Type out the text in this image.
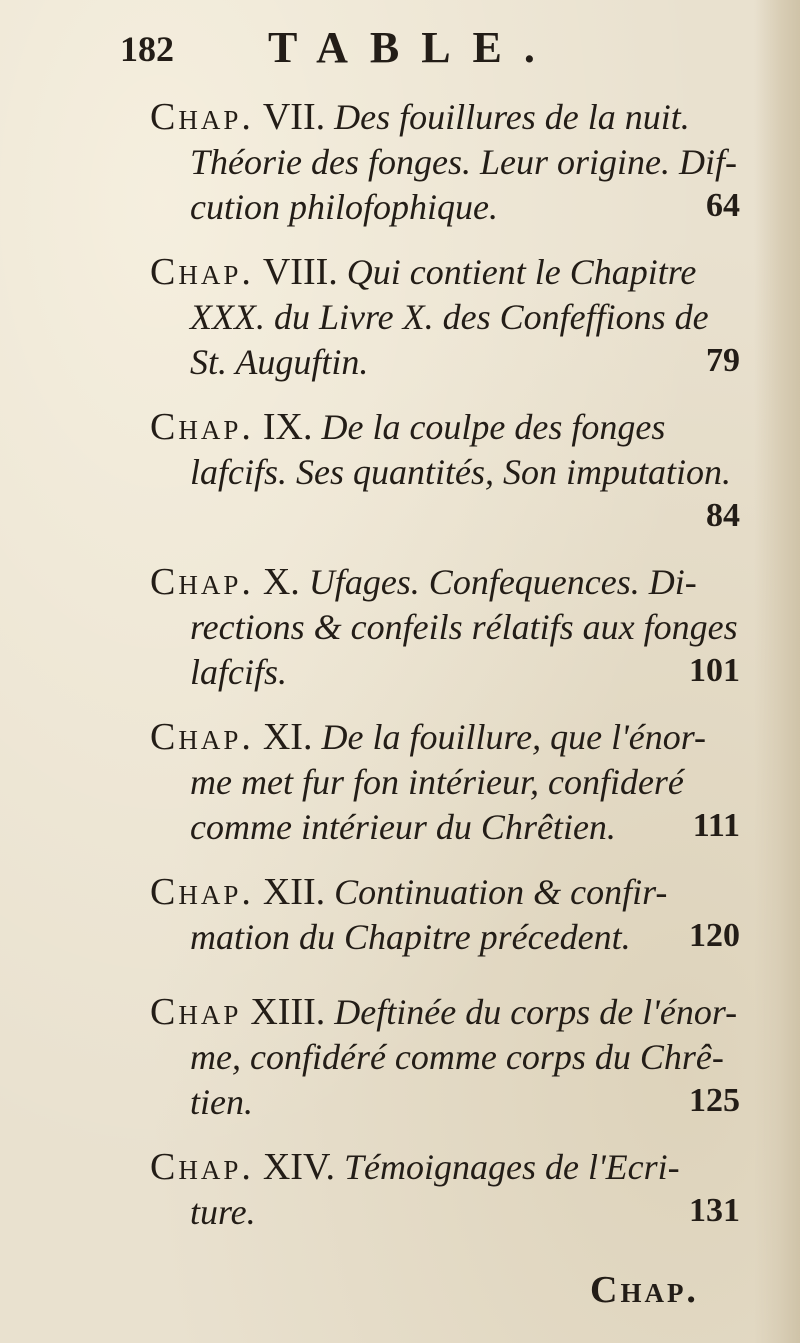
182 TABLE.
Chap. VII. Des fouillures de la nuit.
Théorie des fonges. Leur origine. Dif-
cution philofophique.	64
Chap. VIII. Qui contient le Chapitre
XXX. du Livre X. des Confeffions de
St. Auguftin.	79
Chap. IX. De la coulpe des fonges
lafcifs. Ses quantités, Son imputation.
84
Chap. X. Ufages. Confequences. Di-
rections & confeils rélatifs aux fonges
lafcifs.	101
Chap. XI. De la fouillure, que l'énor-
me met fur fon intérieur, confideré
comme intérieur du Chrêtien.	111
Chap. XII. Continuation & confir-
mation du Chapitre précedent.	120
Chap XIII. Deftinée du corps de l'énor-
me, confidéré comme corps du Chrê-
tien.	125
Chap. XIV. Témoignages de l'Ecri-
ture.	131
Chap.
